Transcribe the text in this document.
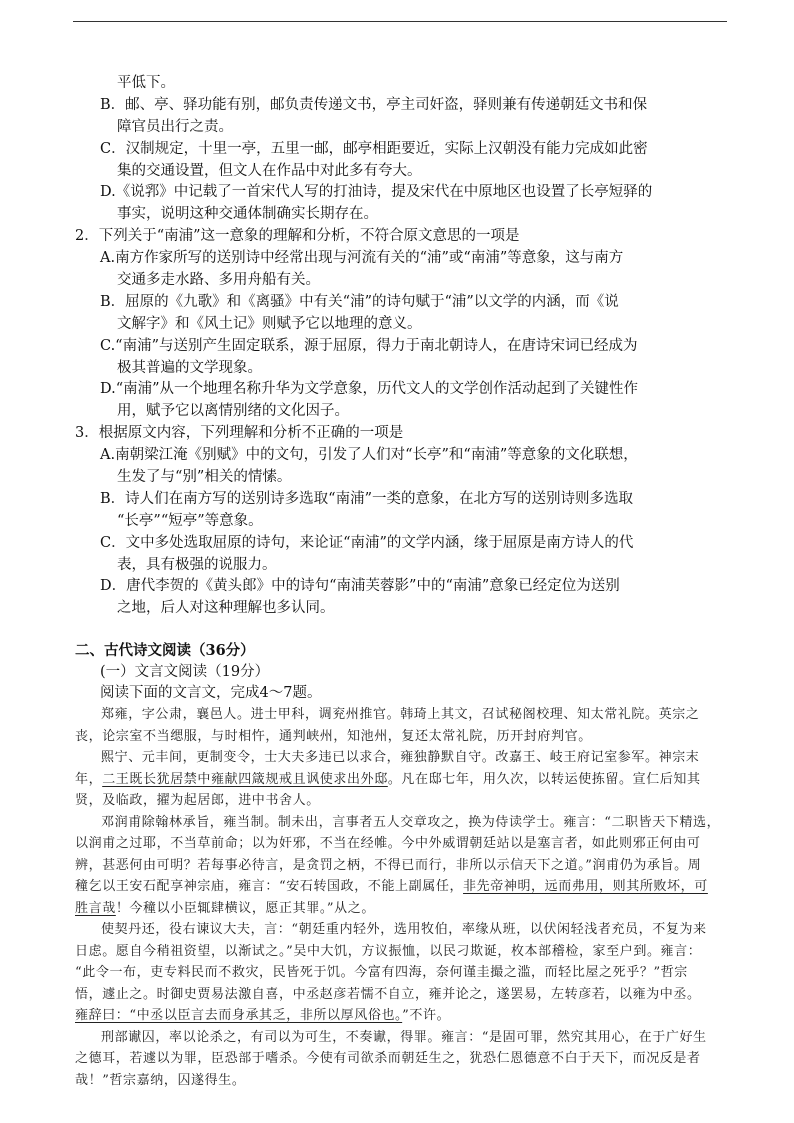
平低下。
B．邮、亭、驿功能有别，邮负责传递文书，亭主司奸盗，驿则兼有传递朝廷文书和保
障官员出行之责。
C．汉制规定，十里一亭，五里一邮，邮亭相距要近，实际上汉朝没有能力完成如此密
集的交通设置，但文人在作品中对此多有夸大。
D.《说郛》中记载了一首宋代人写的打油诗，提及宋代在中原地区也设置了长亭短驿的
事实，说明这种交通体制确实长期存在。
2．下列关于“南浦”这一意象的理解和分析，不符合原文意思的一项是
A.南方作家所写的送别诗中经常出现与河流有关的“浦”或“南浦”等意象，这与南方
交通多走水路、多用舟船有关。
B．屈原的《九歌》和《离骚》中有关“浦”的诗句赋于“浦”以文学的内涵，而《说
文解字》和《风土记》则赋予它以地理的意义。
C.“南浦”与送别产生固定联系，源于屈原，得力于南北朝诗人，在唐诗宋词已经成为
极其普遍的文学现象。
D.“南浦”从一个地理名称升华为文学意象，历代文人的文学创作活动起到了关键性作
用，赋予它以离情别绪的文化因子。
3．根据原文内容，下列理解和分析不正确的一项是
A.南朝梁江淹《别赋》中的文句，引发了人们对“长亭”和“南浦”等意象的文化联想，
生发了与“别”相关的情愫。
B．诗人们在南方写的送别诗多选取“南浦”一类的意象，在北方写的送别诗则多选取
“长亭”“短亭”等意象。
C．文中多处选取屈原的诗句，来论证“南浦”的文学内涵，缘于屈原是南方诗人的代
表，具有极强的说服力。
D．唐代李贺的《黄头郎》中的诗句“南浦芙蓉影”中的“南浦”意象已经定位为送别
之地，后人对这种理解也多认同。
二、古代诗文阅读（36分）
(一）文言文阅读（19分）
阅读下面的文言文，完成4～7题。
郑雍，字公肃，襄邑人。进士甲科，调兖州推官。韩琦上其文，召试秘阁校理、知太常礼院。英宗之
丧，论宗室不当缌服，与时相忤，通判峡州，知池州，复还太常礼院，历开封府判官。
熙宁、元丰间，更制变令，士大夫多违已以求合，雍独静默自守。改嘉王、岐王府记室参军。神宗末
年，二王既长犹居禁中雍献四箴规戒且讽使求出外邸。凡在邸七年，用久次，以转运使拣留。宣仁后知其
贤，及临政，擢为起居郎，进中书舍人。
邓润甫除翰林承旨，雍当制。制未出，言事者五人交章攻之，换为侍读学士。雍言：“二职皆天下精选，
以润甫之过耶，不当草前命；以为奸邪，不当在经帷。今中外威谓朝廷站以是塞言者，如此则邪正何由可
辨，甚恶何由可明？若每事必待言，是贪罚之柄，不得已而行，非所以示信天下之道。”润甫仍为承旨。周
穜乞以王安石配享神宗庙，雍言：“安石转国政，不能上副属任，非先帝神明，远而弗用，则其所败坏，可
胜言哉！今穜以小臣辄肆横议，愿正其罪。”从之。
使契丹还，役右谏议大夫，言：“朝廷重内轻外，选用牧伯，率缘从班，以伏闲轻浅者充员，不复为来
日虑。愿自今稍祖资望，以渐试之。”吴中大饥，方议振恤，以民刁欺诞，枚本部稽检，家至户到。雍言：
“此令一布，吏专料民而不救灾，民皆死于饥。今富有四海，奈何谨圭撮之滥，而轻比屋之死乎？”哲宗
悟，遽止之。时御史贾易法激自喜，中丞赵彦若懦不自立，雍并论之，遂罢易，左转彦若，以雍为中丞。
雍辞曰：“中丞以臣言去而身承其乏，非所以厚风俗也。”不许。
刑部谳囚，率以论杀之，有司以为可生，不奏谳，得罪。雍言：“是固可罪，然究其用心，在于广好生
之德耳，若遽以为罪，臣恐部于嗜杀。今使有司欲杀而朝廷生之，犹恐仁恩德意不白于天下，而况反是者
哉！”哲宗嘉纳，囚遂得生。
